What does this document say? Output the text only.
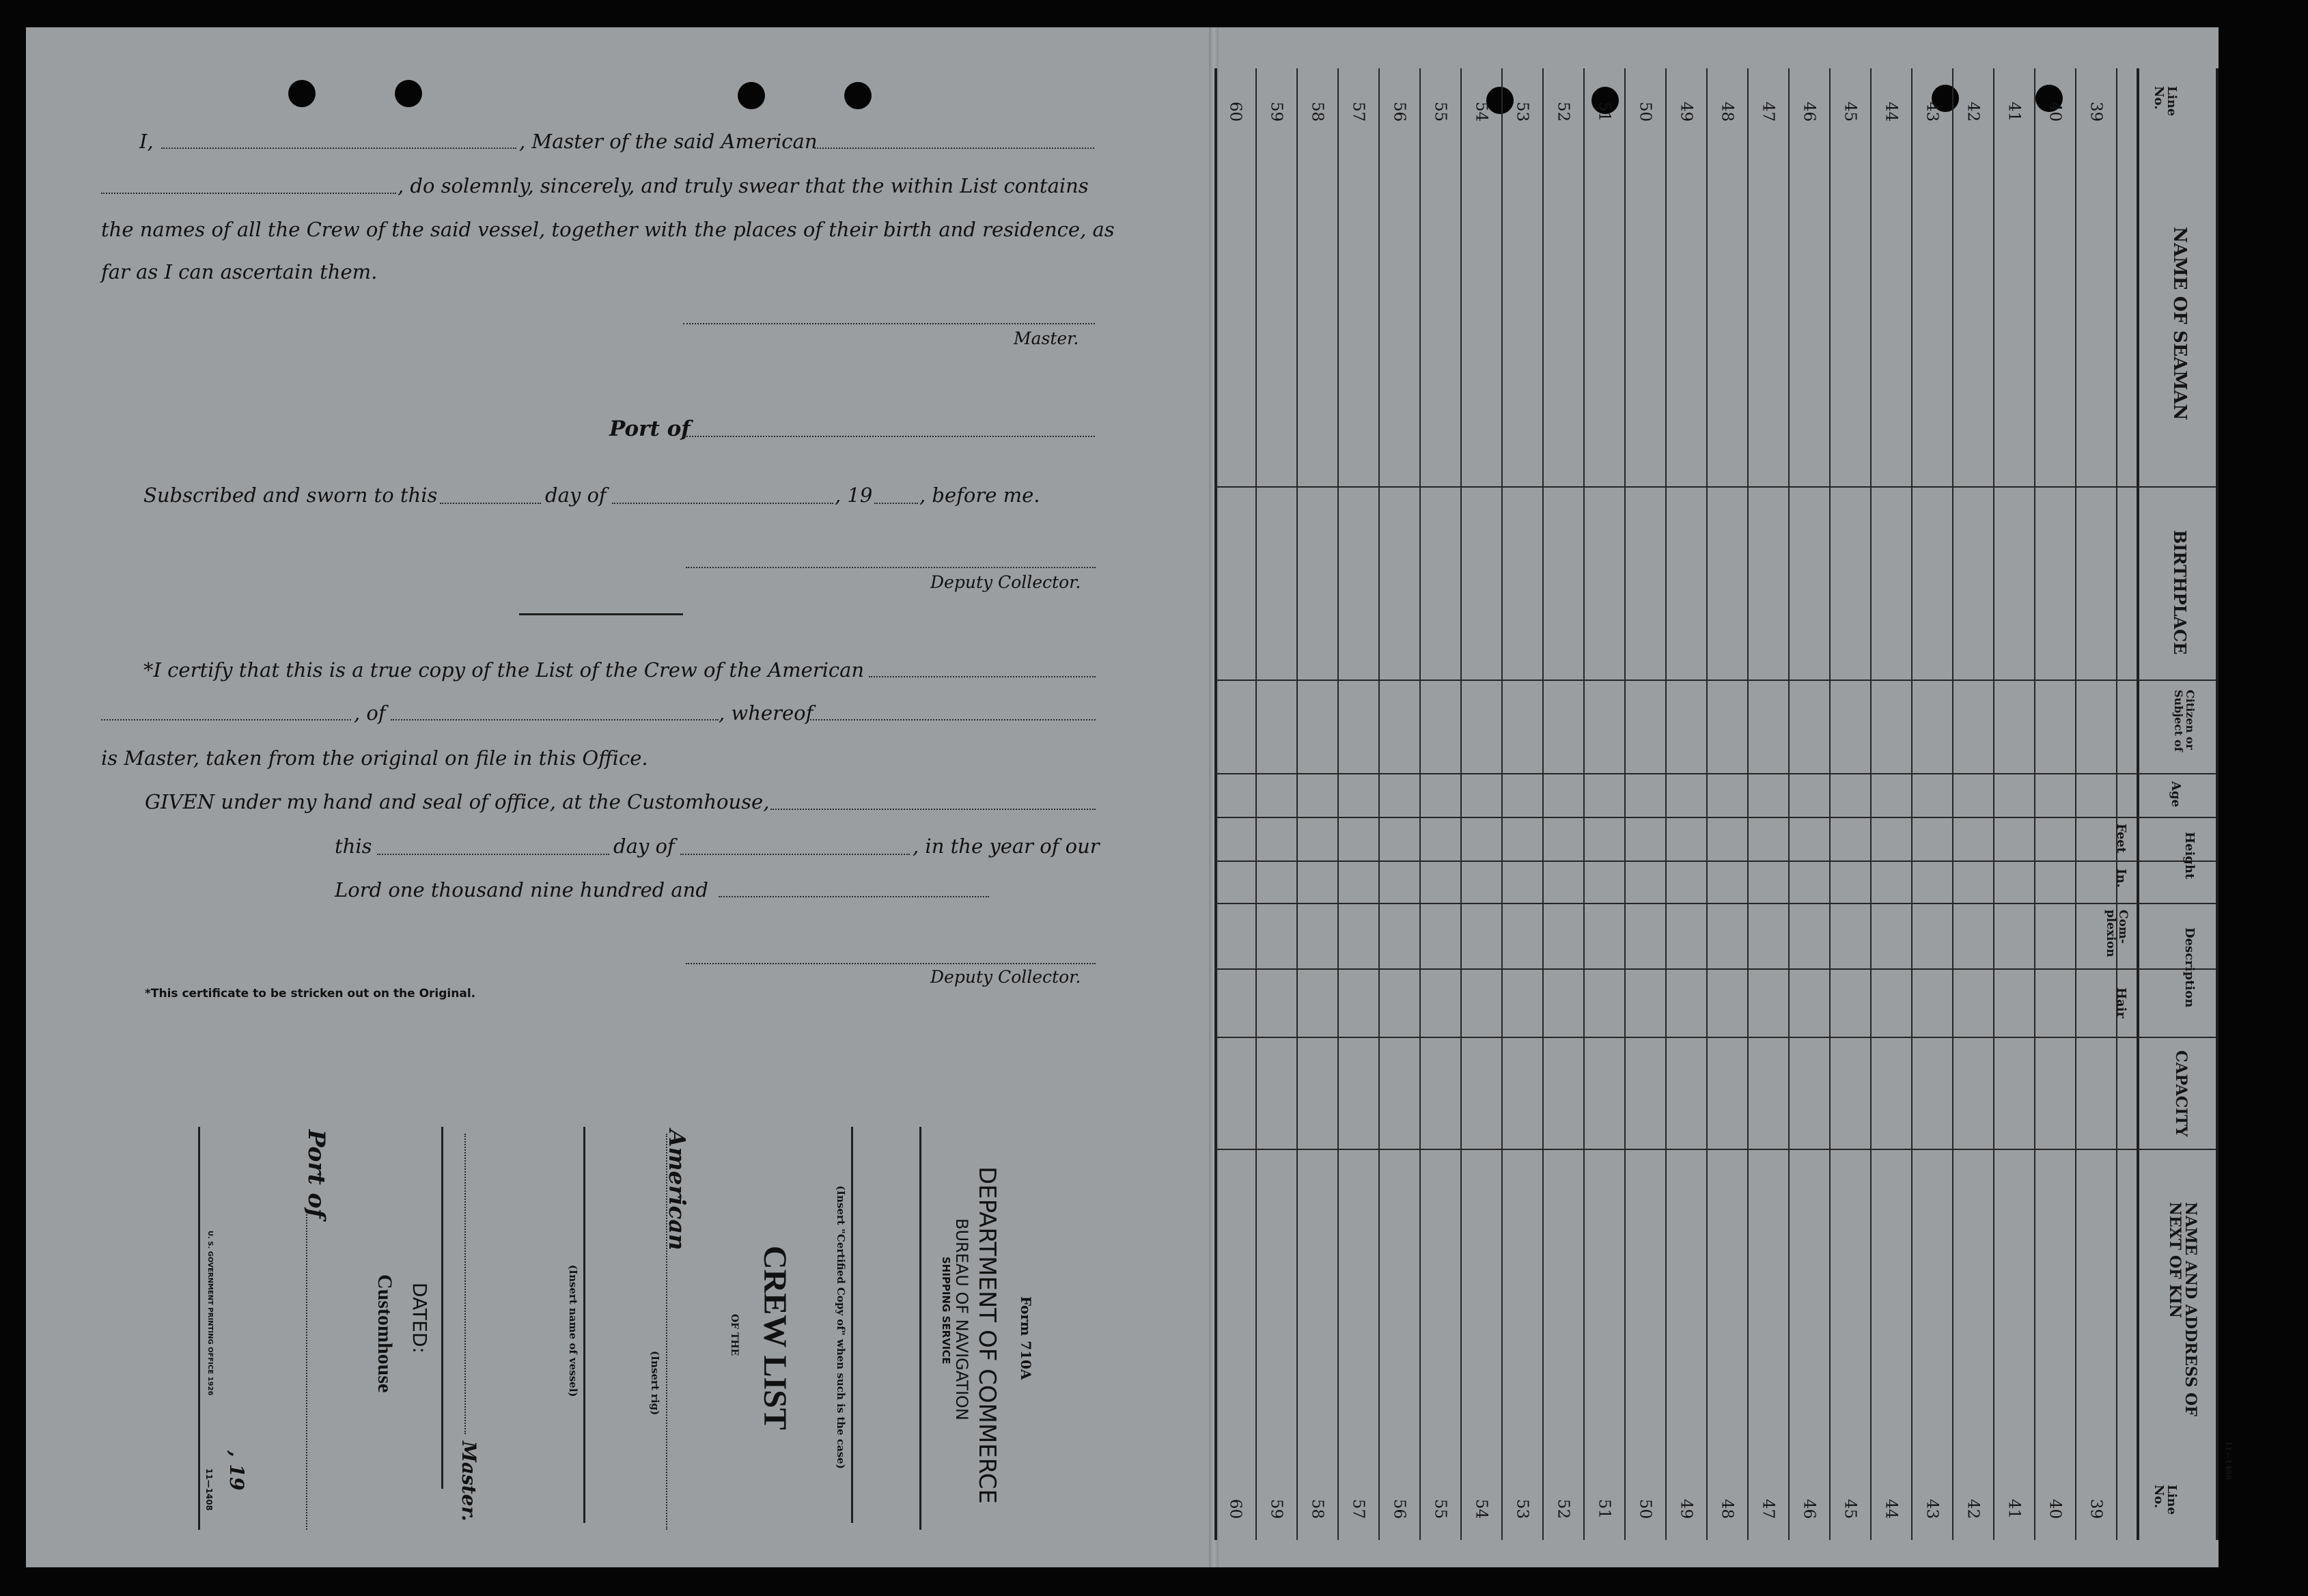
I,	, Master of the said American
, do solemnly, sincerely, and truly swear that the within List contains
the names of all the Crew of the said vessel, together with the places of their birth and residence, as
far as I can ascertain them.
Master.
Port of
Subscribed and sworn to this	day of	, 19 , before me.
Deputy Collector.
*I certify that this is a true copy of the List of the Crew of the American
, of	, whereof
is Master, taken from the original on file in this Office.
GIVEN under my hand and seal of office, at the Customhouse,
this	day of	, in the year of our
Lord one thousand nine hundred and
Deputy Collector.
*This certificate to be stricken out on the Original.
Form 710A
DEPARTMENT OF COMMERCE
BUREAU OF NAVIGATION
SHIPPING SERVICE
(Insert "Certified Copy of" when such is the case)
CREW LIST
OF THE
American
(Insert rig)
(Insert name of vessel)
Master.
DATED:
Customhouse
Port of
, 19
U. S. GOVERNMENT PRINTING OFFICE 1926
11—1408
60 59 58 57 56 55 54 53 52 51 50 49 48 47 46 45 44 43 42 41 40 39
60 59 58 57 56 55 54 53 52 51 50 49 48 47 46 45 44 43 42 41 40 39
Line No.
NAME OF SEAMAN
BIRTHPLACE
Citizen or Subject of
Age
Height
Feet
In.
Description
Com- plexion
Hair
CAPACITY
NAME AND ADDRESS OF NEXT OF KIN
Line No.
11—1408
